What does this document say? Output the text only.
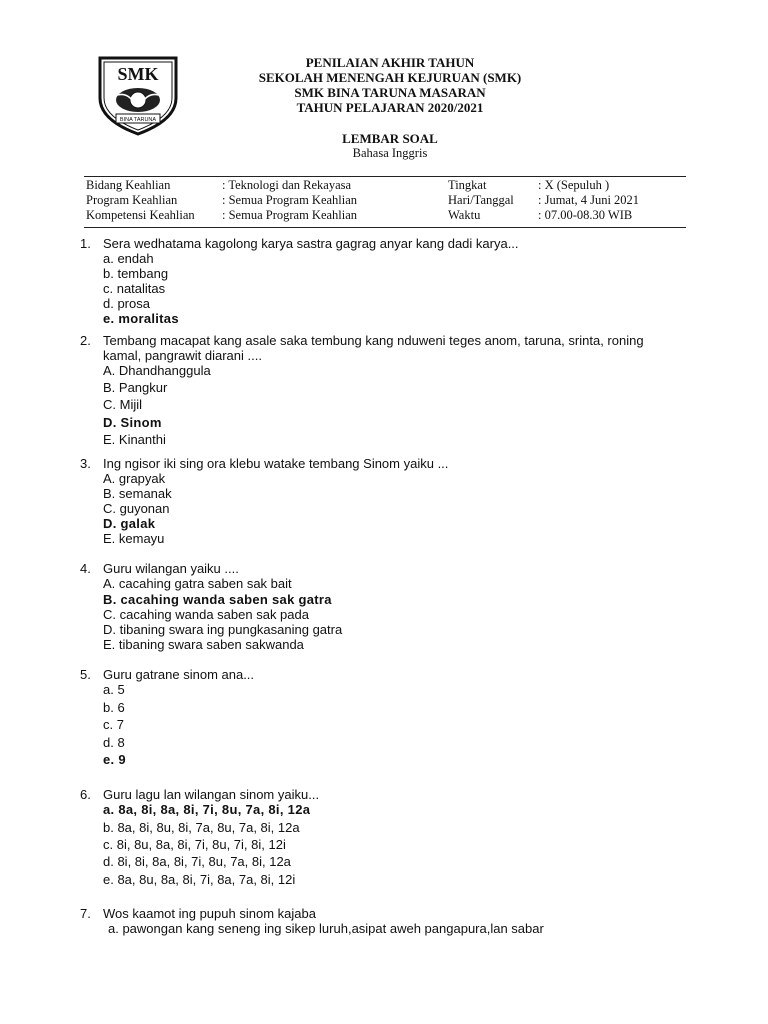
SMK
BINA TARUNA
PENILAIAN AKHIR TAHUN
SEKOLAH MENENGAH KEJURUAN (SMK)
SMK BINA TARUNA MASARAN
TAHUN PELAJARAN 2020/2021
LEMBAR SOAL
Bahasa Inggris
Bidang Keahlian	: Teknologi dan Rekayasa	Tingkat	: X (Sepuluh )
Program Keahlian	: Semua Program Keahlian	Hari/Tanggal : Jumat, 4 Juni 2021
Kompetensi Keahlian : Semua Program Keahlian	Waktu	: 07.00-08.30 WIB
1. Sera wedhatama kagolong karya sastra gagrag anyar kang dadi karya...
a. endah
b. tembang
c. natalitas
d. prosa
e. moralitas
2. Tembang macapat kang asale saka tembung kang nduweni teges anom, taruna, srinta, roning kamal, pangrawit diarani ....
A. Dhandhanggula
B. Pangkur
C. Mijil
D. Sinom
E. Kinanthi
3. Ing ngisor iki sing ora klebu watake tembang Sinom yaiku ...
A. grapyak
B. semanak
C. guyonan
D. galak
E. kemayu
4. Guru wilangan yaiku ....
A. cacahing gatra saben sak bait
B. cacahing wanda saben sak gatra
C. cacahing wanda saben sak pada
D. tibaning swara ing pungkasaning gatra
E. tibaning swara saben sakwanda
5. Guru gatrane sinom ana...
a. 5
b. 6
c. 7
d. 8
e. 9
6. Guru lagu lan wilangan sinom yaiku...
a. 8a, 8i, 8a, 8i, 7i, 8u, 7a, 8i, 12a
b. 8a, 8i, 8u, 8i, 7a, 8u, 7a, 8i, 12a
c. 8i, 8u, 8a, 8i, 7i, 8u, 7i, 8i, 12i
d. 8i, 8i, 8a, 8i, 7i, 8u, 7a, 8i, 12a
e. 8a, 8u, 8a, 8i, 7i, 8a, 7a, 8i, 12i
7. Wos kaamot ing pupuh sinom kajaba
a. pawongan kang seneng ing sikep luruh,asipat aweh pangapura,lan sabar
